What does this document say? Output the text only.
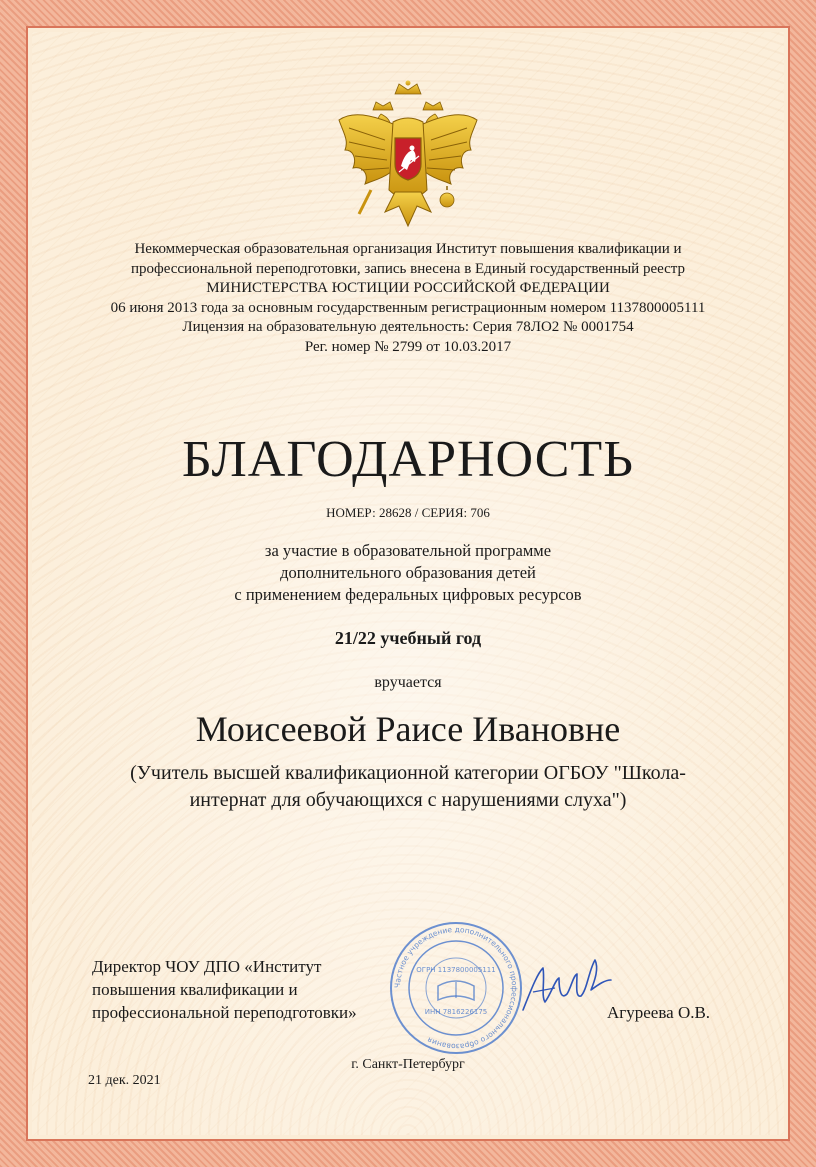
Некоммерческая образовательная организация Институт повышения квалификации и
профессиональной переподготовки, запись внесена в Единый государственный реестр
МИНИСТЕРСТВА ЮСТИЦИИ РОССИЙСКОЙ ФЕДЕРАЦИИ
06 июня 2013 года за основным государственным регистрационным номером 1137800005111
Лицензия на образовательную деятельность: Серия 78ЛО2 № 0001754
Рег. номер № 2799 от 10.03.2017
БЛАГОДАРНОСТЬ
НОМЕР: 28628 / СЕРИЯ: 706
за участие в образовательной программе
дополнительного образования детей
с применением федеральных цифровых ресурсов
21/22 учебный год
вручается
Моисеевой Раисе Ивановне
(Учитель высшей квалификационной категории ОГБОУ "Школа-
интернат для обучающихся с нарушениями слуха")
Директор ЧОУ ДПО «Институт
повышения квалификации и
профессиональной переподготовки»
Частное учреждение дополнительного профессионального образования
ОГРН 1137800005111
ИНН 7816226175	Агуреева О.В.
г. Санкт-Петербург
21 дек. 2021
